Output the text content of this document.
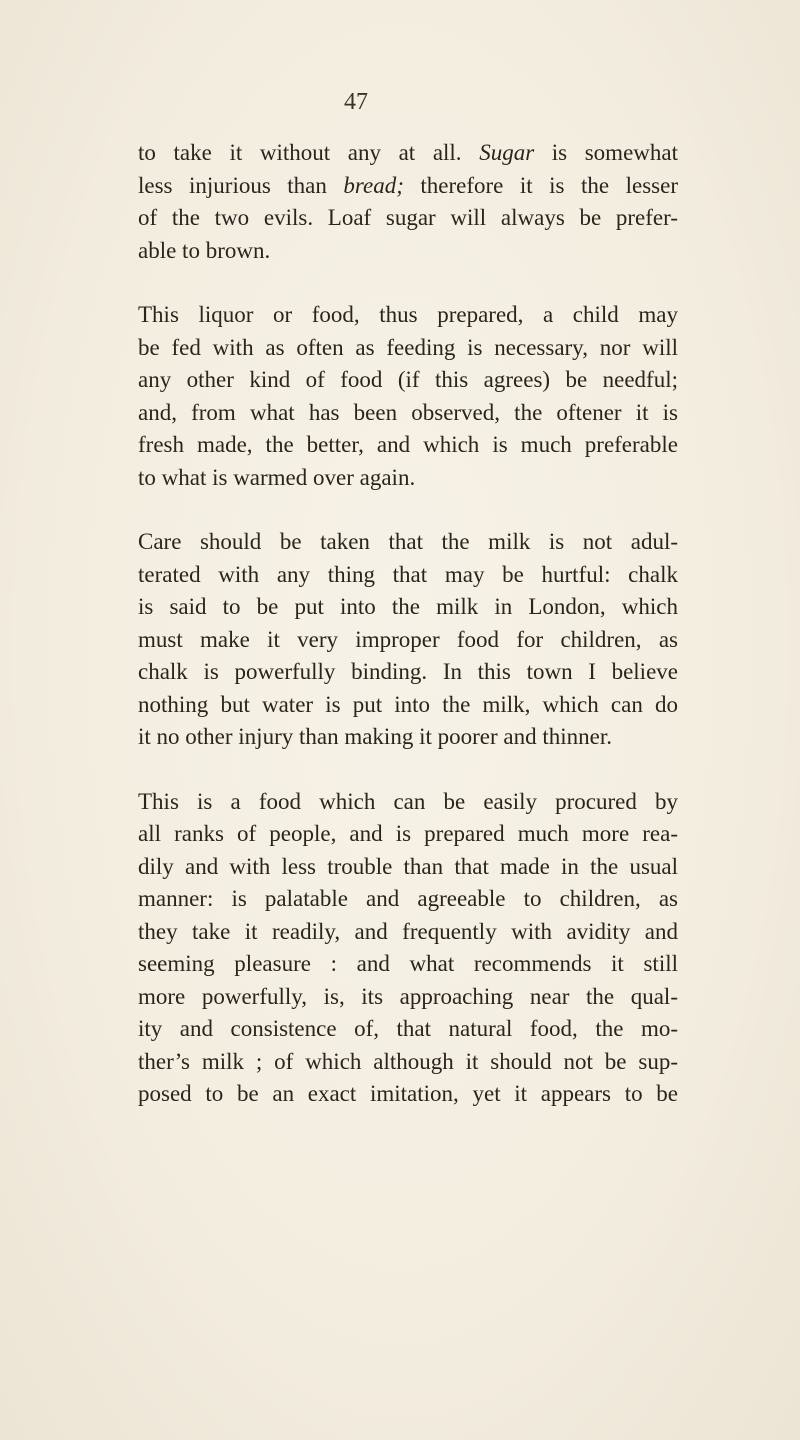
47
to take it without any at all. Sugar is somewhat
less injurious than bread; therefore it is the lesser
of the two evils. Loaf sugar will always be prefer-
able to brown.
This liquor or food, thus prepared, a child may
be fed with as often as feeding is necessary, nor will
any other kind of food (if this agrees) be needful;
and, from what has been observed, the oftener it is
fresh made, the better, and which is much preferable
to what is warmed over again.
Care should be taken that the milk is not adul-
terated with any thing that may be hurtful: chalk
is said to be put into the milk in London, which
must make it very improper food for children, as
chalk is powerfully binding. In this town I believe
nothing but water is put into the milk, which can do
it no other injury than making it poorer and thinner.
This is a food which can be easily procured by
all ranks of people, and is prepared much more rea-
dily and with less trouble than that made in the usual
manner: is palatable and agreeable to children, as
they take it readily, and frequently with avidity and
seeming pleasure : and what recommends it still
more powerfully, is, its approaching near the qual-
ity and consistence of, that natural food, the mo-
ther’s milk ; of which although it should not be sup-
posed to be an exact imitation, yet it appears to be
